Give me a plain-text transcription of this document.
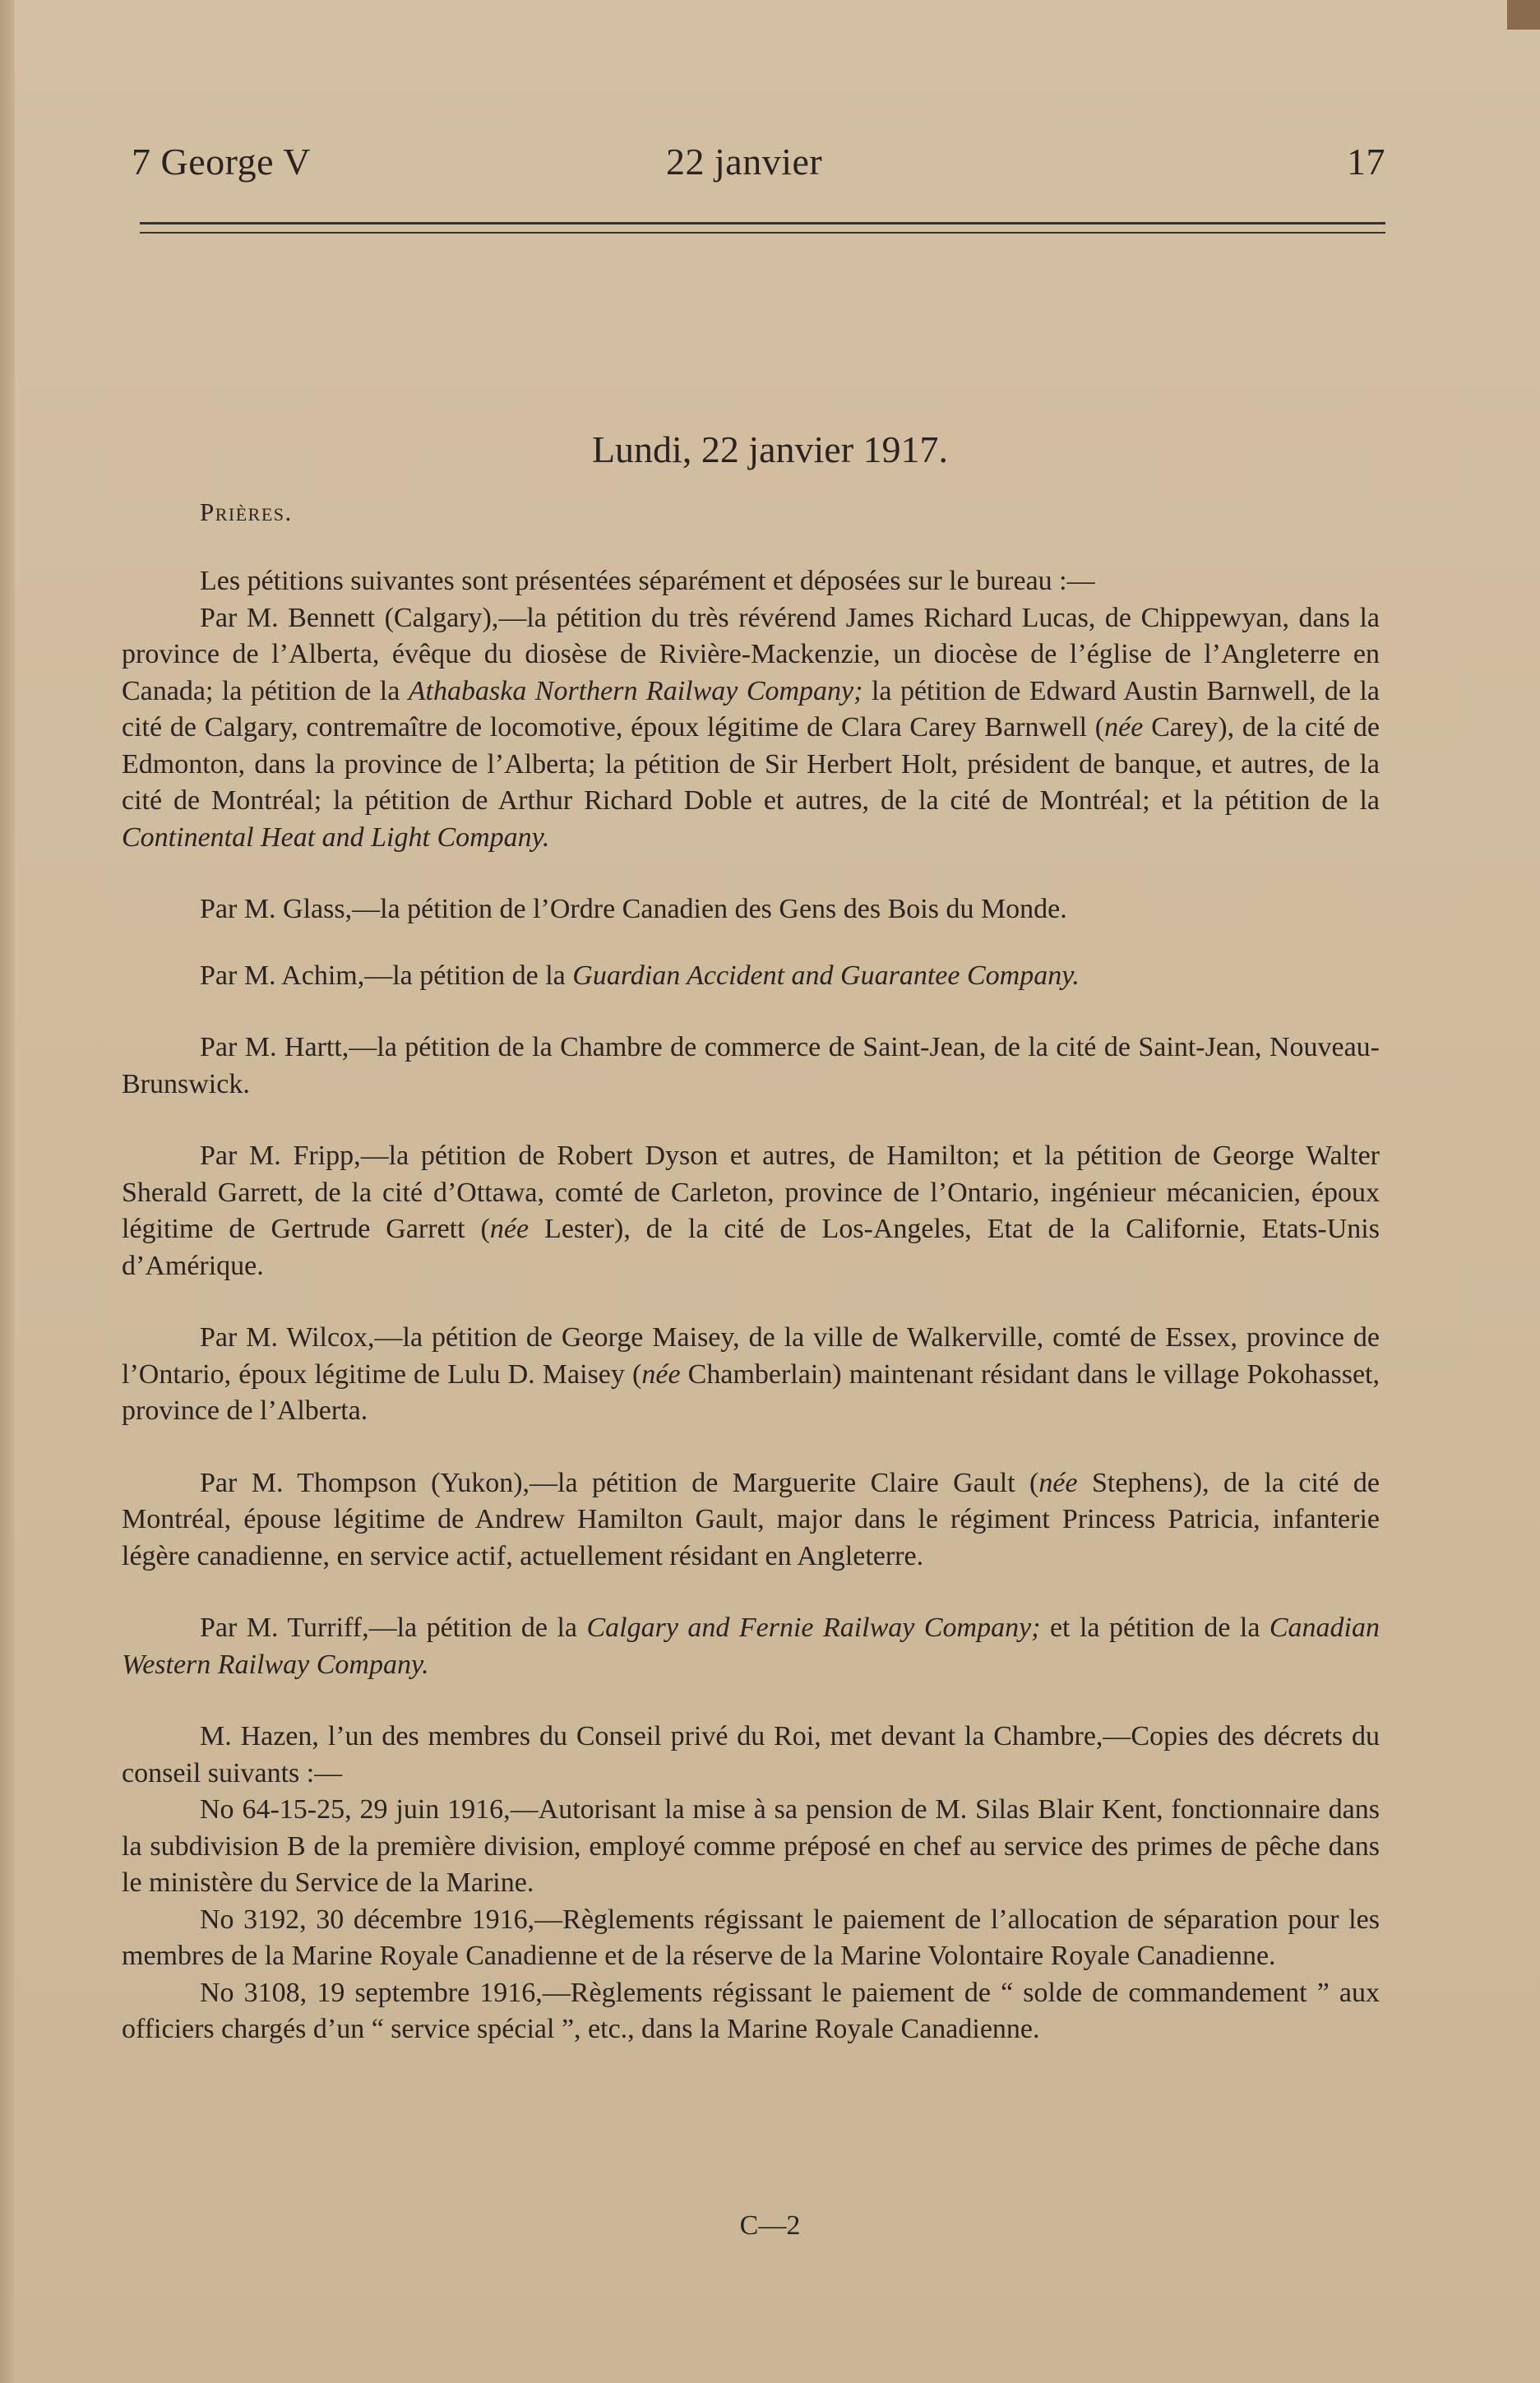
7 George V	22 janvier	17
Lundi, 22 janvier 1917.
Prières.

Les pétitions suivantes sont présentées séparément et déposées sur le bureau :—

Par M. Bennett (Calgary),—la pétition du très révérend James Richard Lucas, de Chippewyan, dans la province de l’Alberta, évêque du diosèse de Rivière-Mackenzie, un diocèse de l’église de l’Angleterre en Canada; la pétition de la Athabaska Northern Railway Company; la pétition de Edward Austin Barnwell, de la cité de Calgary, contremaître de locomotive, époux légitime de Clara Carey Barnwell (née Carey), de la cité de Edmonton, dans la province de l’Alberta; la pétition de Sir Herbert Holt, président de banque, et autres, de la cité de Montréal; la pétition de Arthur Richard Doble et autres, de la cité de Montréal; et la pétition de la Continental Heat and Light Company.

Par M. Glass,—la pétition de l’Ordre Canadien des Gens des Bois du Monde.

Par M. Achim,—la pétition de la Guardian Accident and Guarantee Company.

Par M. Hartt,—la pétition de la Chambre de commerce de Saint-Jean, de la cité de Saint-Jean, Nouveau-Brunswick.

Par M. Fripp,—la pétition de Robert Dyson et autres, de Hamilton; et la pétition de George Walter Sherald Garrett, de la cité d’Ottawa, comté de Carleton, province de l’Ontario, ingénieur mécanicien, époux légitime de Gertrude Garrett (née Lester), de la cité de Los-Angeles, Etat de la Californie, Etats-Unis d’Amérique.

Par M. Wilcox,—la pétition de George Maisey, de la ville de Walkerville, comté de Essex, province de l’Ontario, époux légitime de Lulu D. Maisey (née Chamberlain) maintenant résidant dans le village Pokohasset, province de l’Alberta.

Par M. Thompson (Yukon),—la pétition de Marguerite Claire Gault (née Stephens), de la cité de Montréal, épouse légitime de Andrew Hamilton Gault, major dans le régiment Princess Patricia, infanterie légère canadienne, en service actif, actuellement résidant en Angleterre.

Par M. Turriff,—la pétition de la Calgary and Fernie Railway Company; et la pétition de la Canadian Western Railway Company.

M. Hazen, l’un des membres du Conseil privé du Roi, met devant la Chambre,—Copies des décrets du conseil suivants :—

No 64-15-25, 29 juin 1916,—Autorisant la mise à sa pension de M. Silas Blair Kent, fonctionnaire dans la subdivision B de la première division, employé comme préposé en chef au service des primes de pêche dans le ministère du Service de la Marine.

No 3192, 30 décembre 1916,—Règlements régissant le paiement de l’allocation de séparation pour les membres de la Marine Royale Canadienne et de la réserve de la Marine Volontaire Royale Canadienne.

No 3108, 19 septembre 1916,—Règlements régissant le paiement de “ solde de commandement ” aux officiers chargés d’un “ service spécial ”, etc., dans la Marine Royale Canadienne.

C—2
